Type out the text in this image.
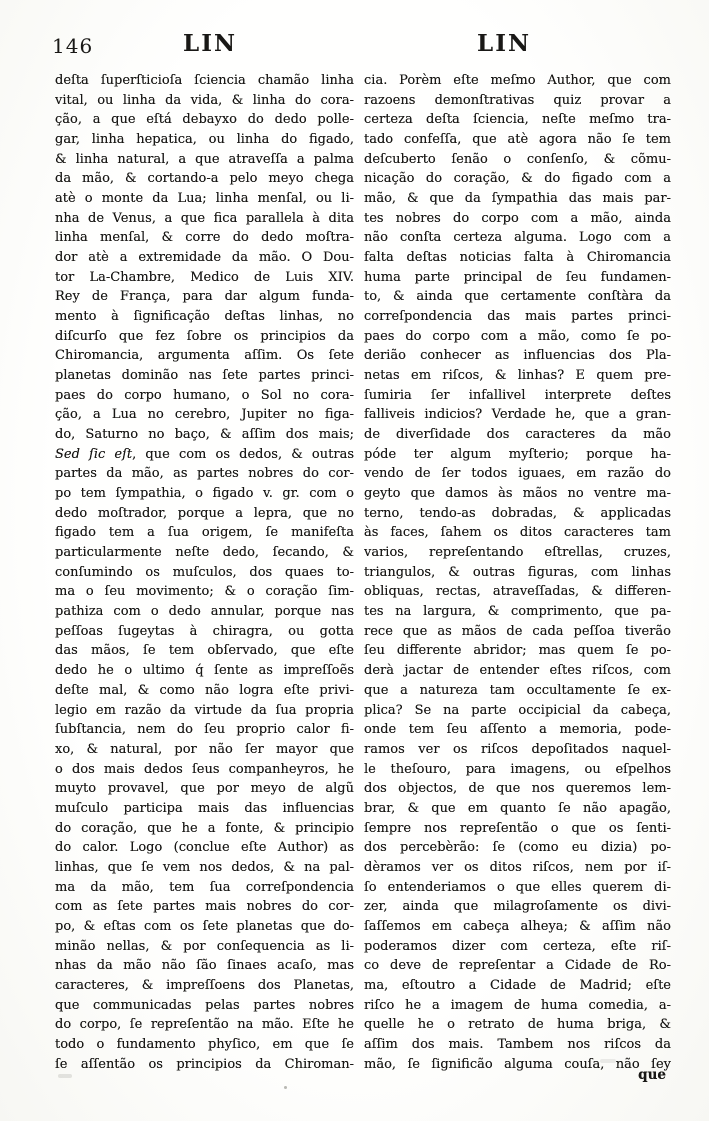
146	LIN	LIN
deſta ſuperſticioſa ſciencia chamão linha
vital, ou linha da vida, & linha do cora-
ção, a que eſtá debayxo do dedo polle-
gar, linha hepatica, ou linha do figado,
& linha natural, a que atraveſſa a palma
da mão, & cortando-a pelo meyo chega
atè o monte da Lua; linha menſal, ou li-
nha de Venus, a que fica parallela à dita
linha menſal, & corre do dedo moſtra-
dor atè a extremidade da mão. O Dou-
tor La-Chambre, Medico de Luis XIV.
Rey de França, para dar algum funda-
mento à ſignificação deſtas linhas, no
diſcurſo que fez ſobre os principios da
Chiromancia, argumenta aſſim. Os ſete
planetas dominão nas ſete partes princi-
paes do corpo humano, o Sol no cora-
ção, a Lua no cerebro, Jupiter no figa-
do, Saturno no baço, & aſſim dos mais;
Sed ſic eſt, que com os dedos, & outras
partes da mão, as partes nobres do cor-
po tem ſympathia, o figado v. gr. com o
dedo moſtrador, porque a lepra, que no
figado tem a ſua origem, ſe manifeſta
particularmente neſte dedo, ſecando, &
conſumindo os muſculos, dos quaes to-
ma o ſeu movimento; & o coração ſim-
pathiza com o dedo annular, porque nas
peſſoas ſugeytas à chiragra, ou gotta
das mãos, ſe tem obſervado, que eſte
dedo he o ultimo q́ ſente as impreſſoẽs
deſte mal, & como não logra eſte privi-
legio em razão da virtude da ſua propria
ſubſtancia, nem do ſeu proprio calor fi-
xo, & natural, por não ſer mayor que
o dos mais dedos ſeus companheyros, he
muyto provavel, que por meyo de algũ
muſculo participa mais das influencias
do coração, que he a fonte, & principio
do calor. Logo (conclue eſte Author) as
linhas, que ſe vem nos dedos, & na pal-
ma da mão, tem ſua correſpondencia
com as ſete partes mais nobres do cor-
po, & eſtas com os ſete planetas que do-
minão nellas, & por conſequencia as li-
nhas da mão não ſão ſinaes acaſo, mas
caracteres, & impreſſoens dos Planetas,
que communicadas pelas partes nobres
do corpo, ſe repreſentão na mão. Eſte he
todo o fundamento phyſico, em que ſe
ſe aſſentão os principios da Chiroman-
cia. Porèm eſte meſmo Author, que com
razoens demonſtrativas quiz provar a
certeza deſta ſciencia, neſte meſmo tra-
tado confeſſa, que atè agora não ſe tem
deſcuberto ſenão o conſenſo, & cõmu-
nicação do coração, & do figado com a
mão, & que da ſympathia das mais par-
tes nobres do corpo com a mão, ainda
não conſta certeza alguma. Logo com a
falta deſtas noticias falta à Chiromancia
huma parte principal de ſeu fundamen-
to, & ainda que certamente conſtàra da
correſpondencia das mais partes princi-
paes do corpo com a mão, como ſe po-
derião conhecer as influencias dos Pla-
netas em riſcos, & linhas? E quem pre-
ſumiria ſer infallivel interprete deſtes
falliveis indicios? Verdade he, que a gran-
de diverſidade dos caracteres da mão
póde ter algum myſterio; porque ha-
vendo de ſer todos iguaes, em razão do
geyto que damos às mãos no ventre ma-
terno, tendo-as dobradas, & applicadas
às faces, ſahem os ditos caracteres tam
varios, repreſentando eſtrellas, cruzes,
triangulos, & outras figuras, com linhas
obliquas, rectas, atraveſſadas, & differen-
tes na largura, & comprimento, que pa-
rece que as mãos de cada peſſoa tiverão
ſeu differente abridor; mas quem ſe po-
derà jactar de entender eſtes riſcos, com
que a natureza tam occultamente ſe ex-
plica? Se na parte occipicial da cabeça,
onde tem ſeu aſſento a memoria, pode-
ramos ver os riſcos depoſitados naquel-
le theſouro, para imagens, ou eſpelhos
dos objectos, de que nos queremos lem-
brar, & que em quanto ſe não apagão,
ſempre nos repreſentão o que os ſenti-
dos percebèrão: ſe (como eu dizia) po-
dèramos ver os ditos riſcos, nem por iſ-
ſo entenderiamos o que elles querem di-
zer, ainda que milagroſamente os divi-
ſaſſemos em cabeça alheya; & aſſim não
poderamos dizer com certeza, eſte riſ-
co deve de repreſentar a Cidade de Ro-
ma, eſtoutro a Cidade de Madrid; eſte
riſco he a imagem de huma comedia, a-
quelle he o retrato de huma briga, &
aſſim dos mais. Tambem nos riſcos da
mão, ſe ſignificão alguma couſa, não ſey
que
